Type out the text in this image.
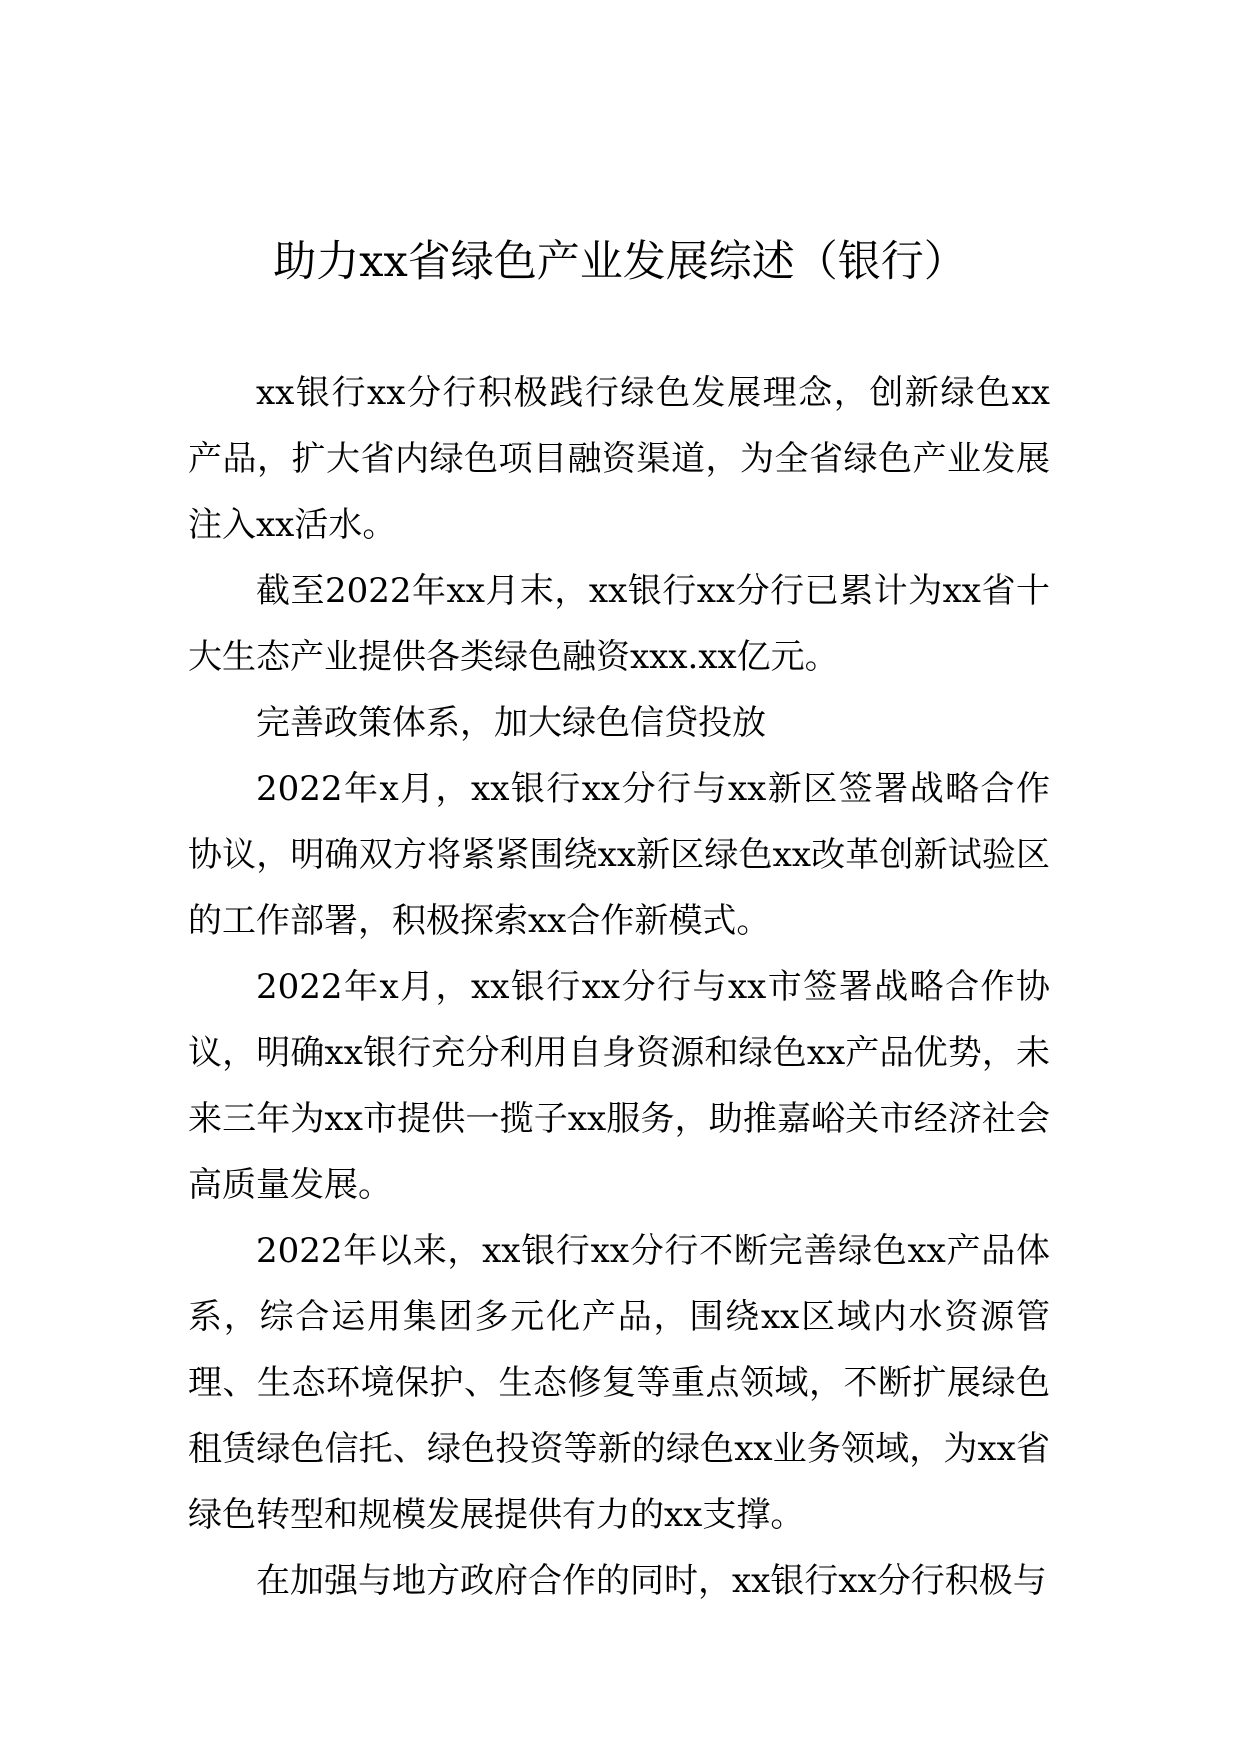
助力xx省绿色产业发展综述（银行）

xx银行xx分行积极践行绿色发展理念，创新绿色xx产品，扩大省内绿色项目融资渠道，为全省绿色产业发展注入xx活水。

截至2022年xx月末，xx银行xx分行已累计为xx省十大生态产业提供各类绿色融资xxx.xx亿元。

完善政策体系，加大绿色信贷投放

2022年x月，xx银行xx分行与xx新区签署战略合作协议，明确双方将紧紧围绕xx新区绿色xx改革创新试验区的工作部署，积极探索xx合作新模式。

2022年x月，xx银行xx分行与xx市签署战略合作协议，明确xx银行充分利用自身资源和绿色xx产品优势，未来三年为xx市提供一揽子xx服务，助推嘉峪关市经济社会高质量发展。

2022年以来，xx银行xx分行不断完善绿色xx产品体系，综合运用集团多元化产品，围绕xx区域内水资源管理、生态环境保护、生态修复等重点领域，不断扩展绿色租赁绿色信托、绿色投资等新的绿色xx业务领域，为xx省绿色转型和规模发展提供有力的xx支撑。

在加强与地方政府合作的同时，xx银行xx分行积极与
